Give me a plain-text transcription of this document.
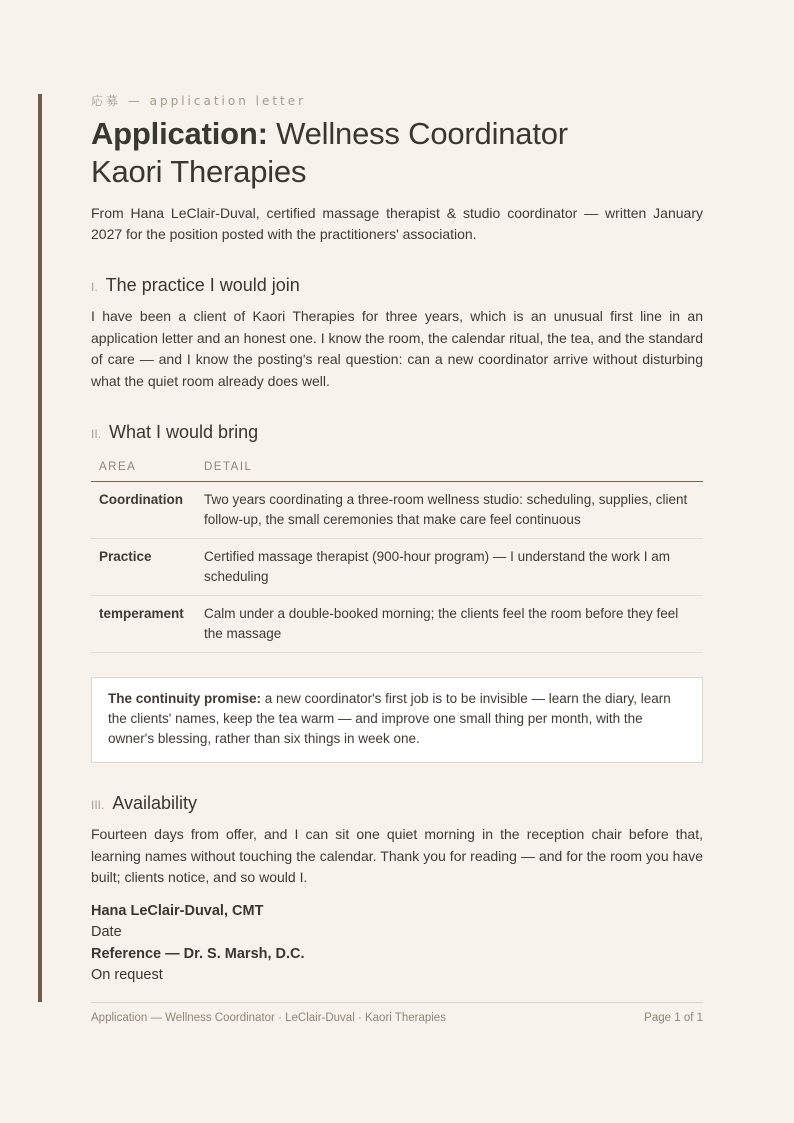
応募 — application letter
Application: Wellness Coordinator
Kaori Therapies

From Hana LeClair-Duval, certified massage therapist & studio coordinator — written January 2027 for the position posted with the practitioners' association.

I. The practice I would join

I have been a client of Kaori Therapies for three years, which is an unusual first line in an application letter and an honest one. I know the room, the calendar ritual, the tea, and the standard of care — and I know the posting's real question: can a new coordinator arrive without disturbing what the quiet room already does well.

II. What I would bring
AREA	DETAIL
Coordination	Two years coordinating a three-room wellness studio: scheduling, supplies, client follow-up, the small ceremonies that make care feel continuous
Practice	Certified massage therapist (900-hour program) — I understand the work I am scheduling
temperament	Calm under a double-booked morning; the clients feel the room before they feel the massage
The continuity promise: a new coordinator's first job is to be invisible — learn the diary, learn the clients' names, keep the tea warm — and improve one small thing per month, with the owner's blessing, rather than six things in week one.
III. Availability

Fourteen days from offer, and I can sit one quiet morning in the reception chair before that, learning names without touching the calendar. Thank you for reading — and for the room you have built; clients notice, and so would I.

Hana LeClair-Duval, CMT
Date
Reference — Dr. S. Marsh, D.C.
On request
Application — Wellness Coordinator · LeClair-Duval · Kaori Therapies	Page 1 of 1
